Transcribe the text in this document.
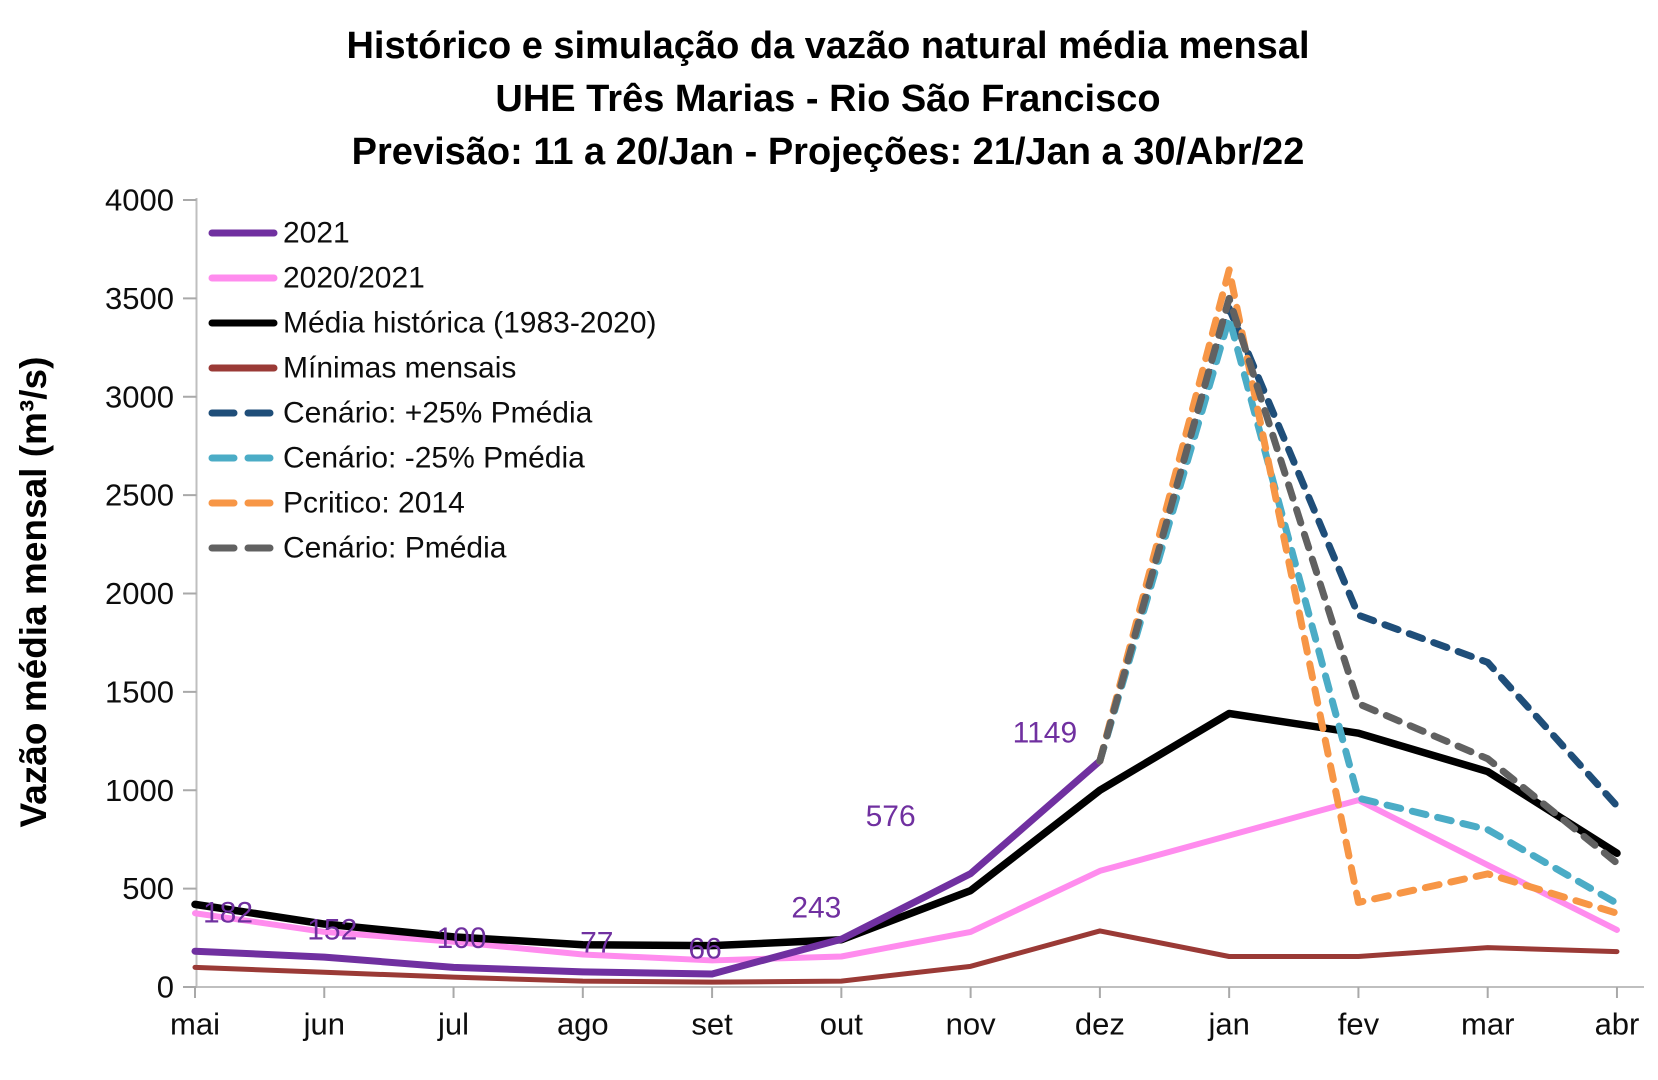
Histórico e simulação da vazão natural média mensal
UHE Três Marias - Rio São Francisco
Previsão: 11 a 20/Jan - Projeções: 21/Jan a 30/Abr/22
Vazão média mensal (m³/s)
0
500
1000
1500
2000
2500
3000
3500
4000
mai	jun	jul	ago	set	out	nov	dez	jan	fev	mar	abr
182
152	100	77 66
243
576
1149
2021
2020/2021
Média histórica (1983-2020)
Mínimas mensais
Cenário: +25% Pmédia
Cenário: -25% Pmédia
Pcritico: 2014
Cenário: Pmédia
